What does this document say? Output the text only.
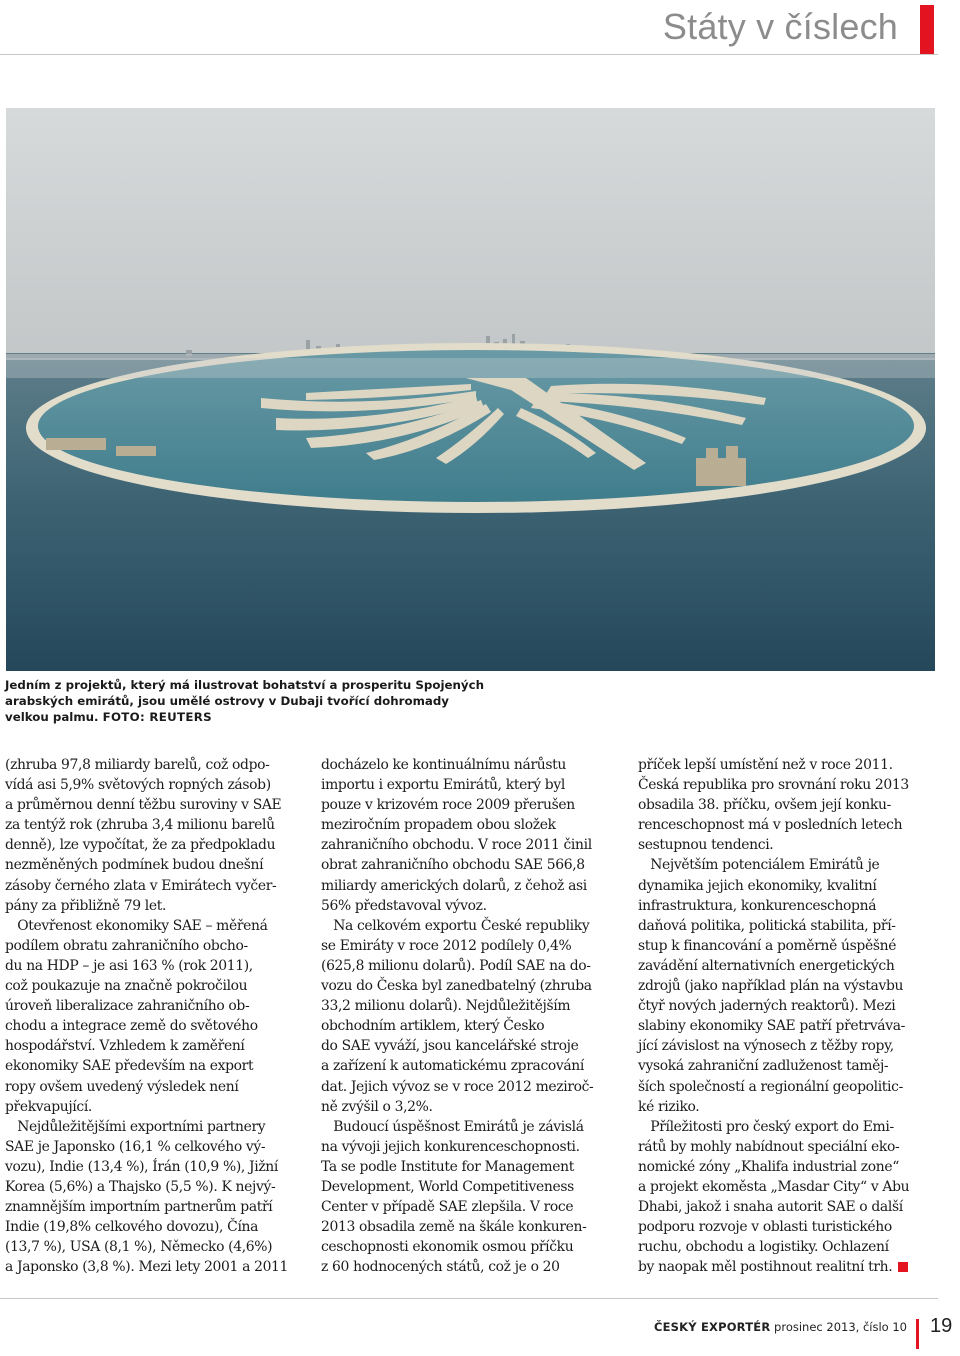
Státy v číslech
Jedním z projektů, který má ilustrovat bohatství a prosperitu Spojených arabských emirátů, jsou umělé ostrovy v Dubaji tvořící dohromady velkou palmu. FOTO: REUTERS
(zhruba 97,8 miliardy barelů, což odpo-
vídá asi 5,9% světových ropných zásob)
a průměrnou denní těžbu suroviny v SAE
za tentýž rok (zhruba 3,4 milionu barelů
denně), lze vypočítat, že za předpokladu
nezměněných podmínek budou dnešní
zásoby černého zlata v Emirátech vyčer-
pány za přibližně 79 let.
Otevřenost ekonomiky SAE – měřená
podílem obratu zahraničního obcho-
du na HDP – je asi 163 % (rok 2011),
což poukazuje na značně pokročilou
úroveň liberalizace zahraničního ob-
chodu a integrace země do světového
hospodářství. Vzhledem k zaměření
ekonomiky SAE především na export
ropy ovšem uvedený výsledek není
překvapující.
Nejdůležitějšími exportními partnery
SAE je Japonsko (16,1 % celkového vý-
vozu), Indie (13,4 %), Írán (10,9 %), Jižní
Korea (5,6%) a Thajsko (5,5 %). K nejvý-
znamnějším importním partnerům patří
Indie (19,8% celkového dovozu), Čína
(13,7 %), USA (8,1 %), Německo (4,6%)
a Japonsko (3,8 %). Mezi lety 2001 a 2011
docházelo ke kontinuálnímu nárůstu
importu i exportu Emirátů, který byl
pouze v krizovém roce 2009 přerušen
meziročním propadem obou složek
zahraničního obchodu. V roce 2011 činil
obrat zahraničního obchodu SAE 566,8
miliardy amerických dolarů, z čehož asi
56% představoval vývoz.
Na celkovém exportu České republiky
se Emiráty v roce 2012 podílely 0,4%
(625,8 milionu dolarů). Podíl SAE na do-
vozu do Česka byl zanedbatelný (zhruba
33,2 milionu dolarů). Nejdůležitějším
obchodním artiklem, který Česko
do SAE vyváží, jsou kancelářské stroje
a zařízení k automatickému zpracování
dat. Jejich vývoz se v roce 2012 meziroč-
ně zvýšil o 3,2%.
Budoucí úspěšnost Emirátů je závislá
na vývoji jejich konkurenceschopnosti.
Ta se podle Institute for Management
Development, World Competitiveness
Center v případě SAE zlepšila. V roce
2013 obsadila země na škále konkuren-
ceschopnosti ekonomik osmou příčku
z 60 hodnocených států, což je o 20
příček lepší umístění než v roce 2011.
Česká republika pro srovnání roku 2013
obsadila 38. příčku, ovšem její konku-
renceschopnost má v posledních letech
sestupnou tendenci.
Největším potenciálem Emirátů je
dynamika jejich ekonomiky, kvalitní
infrastruktura, konkurenceschopná
daňová politika, politická stabilita, pří-
stup k financování a poměrně úspěšné
zavádění alternativních energetických
zdrojů (jako například plán na výstavbu
čtyř nových jaderných reaktorů). Mezi
slabiny ekonomiky SAE patří přetrváva-
jící závislost na výnosech z těžby ropy,
vysoká zahraniční zadluženost taměj-
ších společností a regionální geopolitic-
ké riziko.
Příležitosti pro český export do Emi-
rátů by mohly nabídnout speciální eko-
nomické zóny „Khalifa industrial zone“
a projekt ekoměsta „Masdar City“ v Abu
Dhabi, jakož i snaha autorit SAE o další
podporu rozvoje v oblasti turistického
ruchu, obchodu a logistiky. Ochlazení
by naopak měl postihnout realitní trh.
ČESKÝ EXPORTÉR prosinec 2013, číslo 10 19
